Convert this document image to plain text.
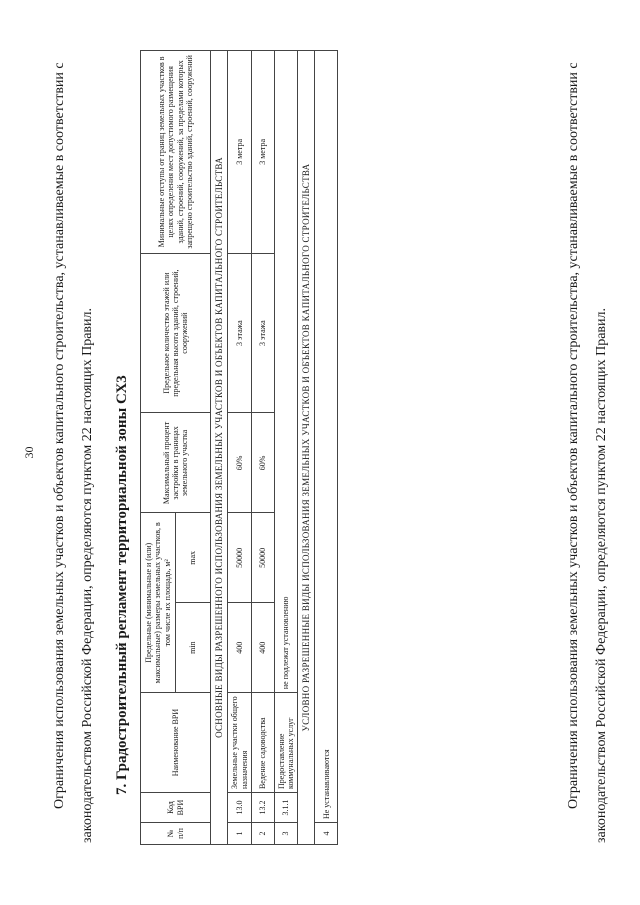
30	Ограничения использования земельных участков и объектов капитального строительства, устанавливаемые в соответствии с законодательством Российской Федерации, определяются пунктом 22 настоящих Правил.	7. Градостроительный регламент территориальной зоны СХ3
№ п/п	Код ВРИ	Наименование ВРИ	Предельные (минимальные и (или) максимальные) размеры земельных участков, в том числе их площадь, м²		Максимальный процент застройки в границах земельного участка	Предельное количество этажей или предельная высота зданий, строений, сооружений	Минимальные отступы от границ земельных участков в целях определения мест допустимого размещения зданий, строений, сооружений, за пределами которых запрещено строительство зданий, строений, сооружений
			min	max			
ОСНОВНЫЕ ВИДЫ РАЗРЕШЕННОГО ИСПОЛЬЗОВАНИЯ ЗЕМЕЛЬНЫХ УЧАСТКОВ И ОБЪЕКТОВ КАПИТАЛЬНОГО СТРОИТЕЛЬСТВА							
1	13.0	Земельные участки общего назначения	400	50000	60%	3 этажа	3 метра
2	13.2	Ведение садоводства	400	50000	60%	3 этажа	3 метра
3	3.1.1	Предоставление коммунальных услуг	не подлежат установлению				
УСЛОВНО РАЗРЕШЕННЫЕ ВИДЫ ИСПОЛЬЗОВАНИЯ ЗЕМЕЛЬНЫХ УЧАСТКОВ И ОБЪЕКТОВ КАПИТАЛЬНОГО СТРОИТЕЛЬСТВА							
4	Не устанавливаются							Ограничения использования земельных участков и объектов капитального строительства, устанавливаемые в соответствии с законодательством Российской Федерации, определяются пунктом 22 настоящих Правил.
